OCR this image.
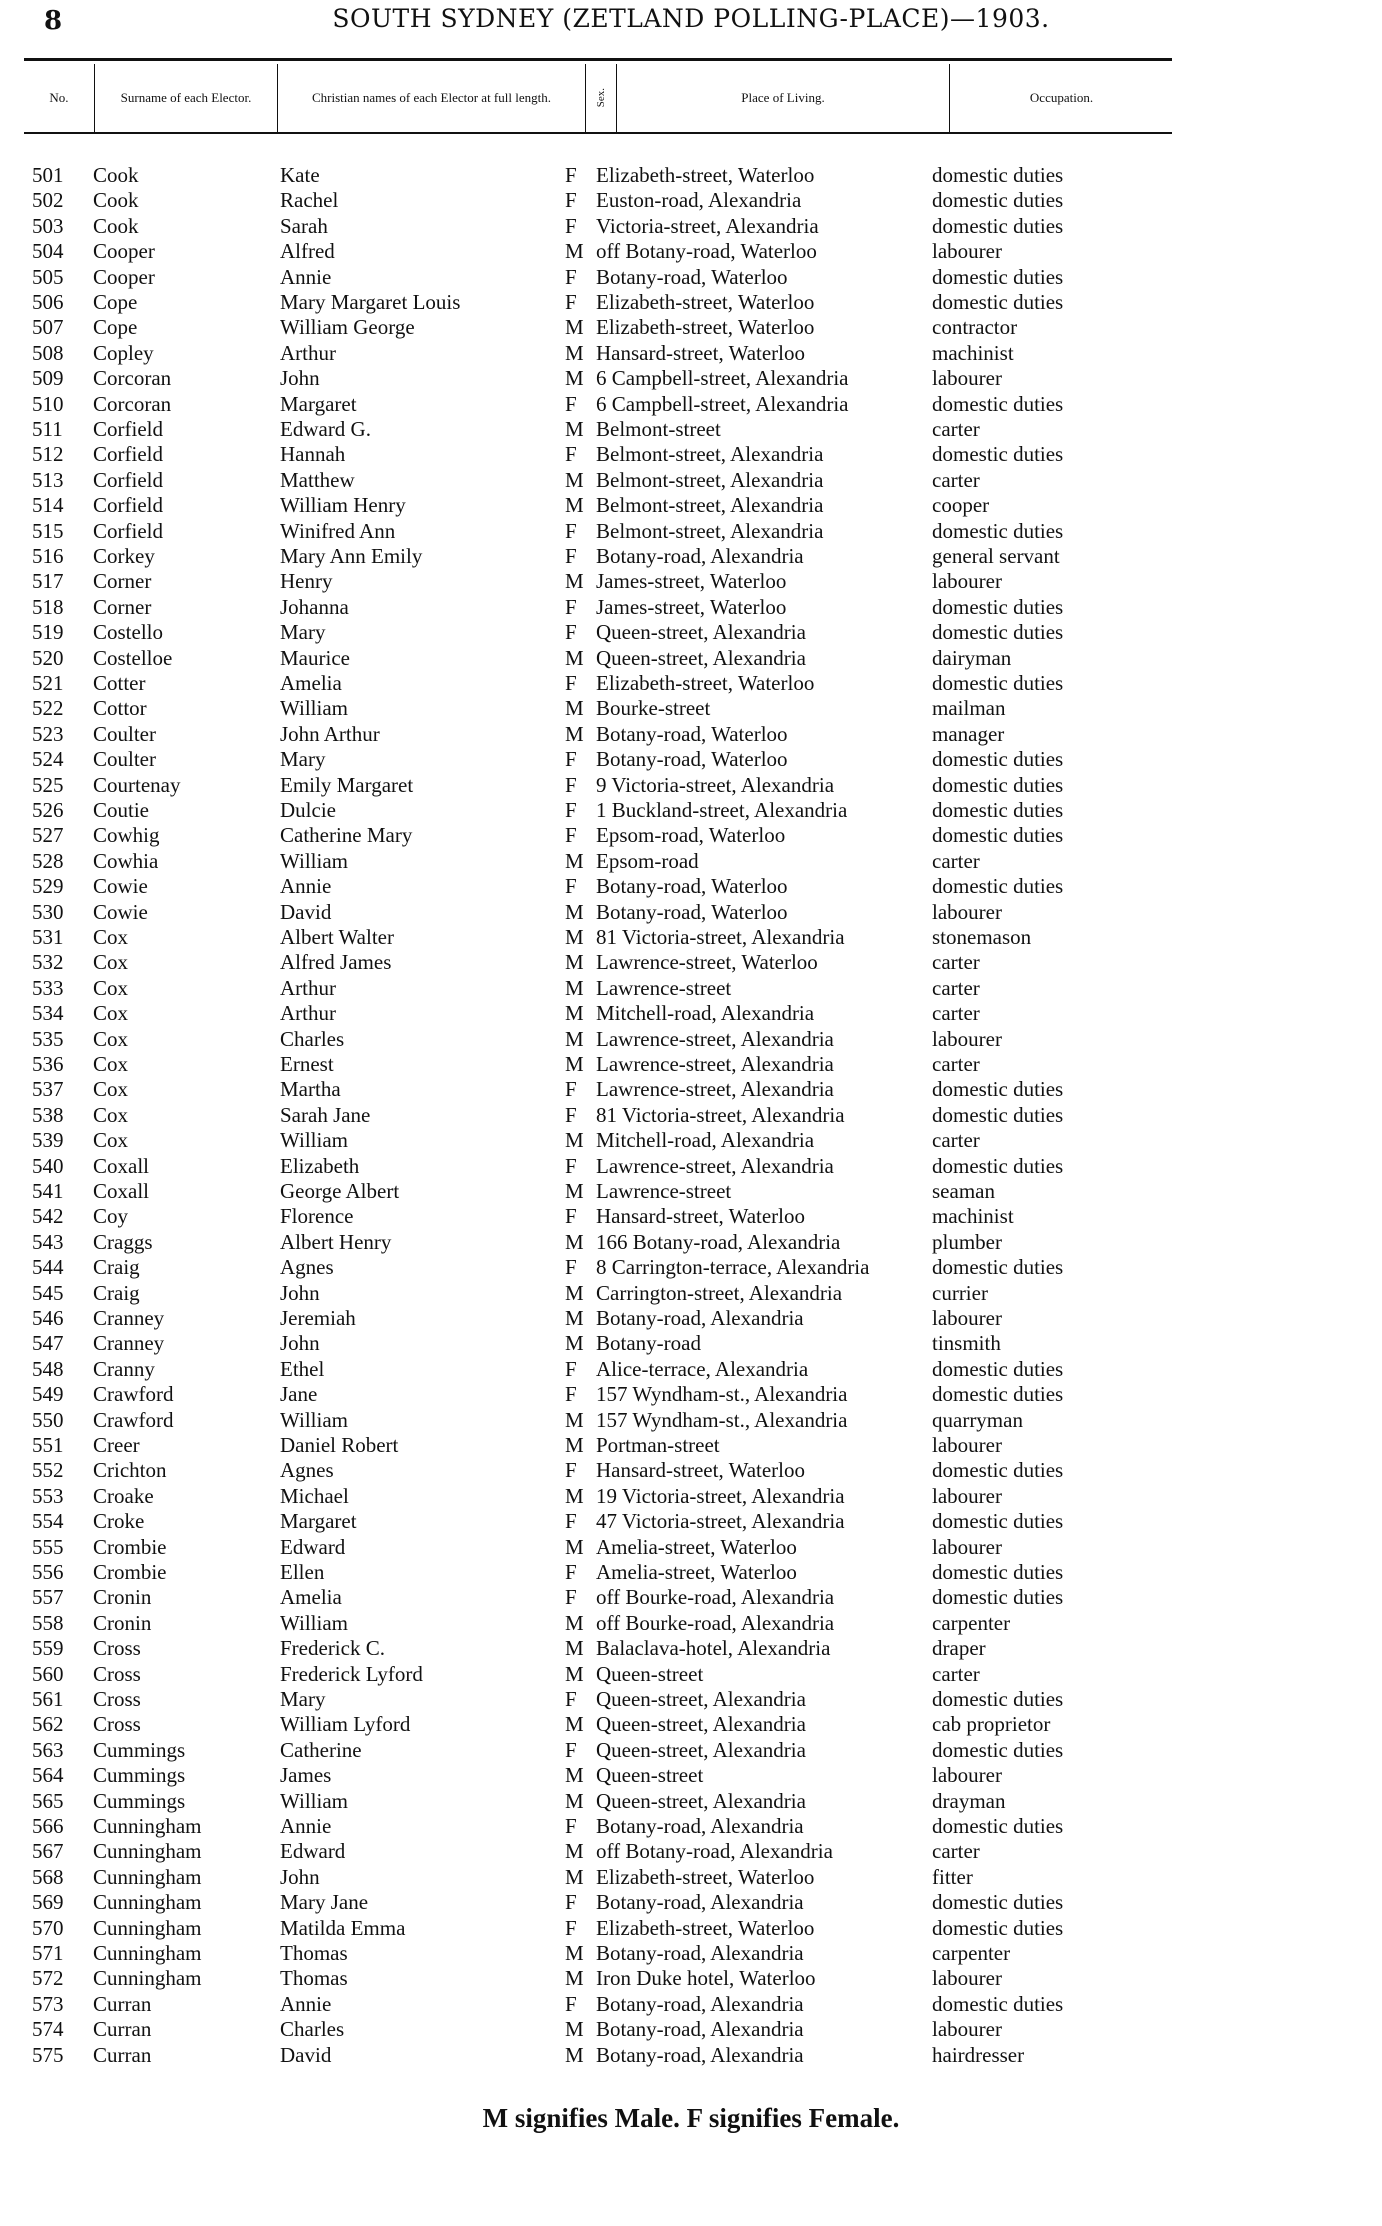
8	SOUTH SYDNEY (ZETLAND POLLING-PLACE)—1903.
No.	Surname of each Elector.	Christian names of each Elector at full length.	Sex.	Place of Living.	Occupation.
501 Cook	Kate	F Elizabeth-street, Waterloo	domestic duties
502 Cook	Rachel	F Euston-road, Alexandria	domestic duties
503 Cook	Sarah	F Victoria-street, Alexandria	domestic duties
504 Cooper	Alfred	M off Botany-road, Waterloo	labourer
505 Cooper	Annie	F Botany-road, Waterloo	domestic duties
506 Cope	Mary Margaret Louis	F Elizabeth-street, Waterloo	domestic duties
507 Cope	William George	M Elizabeth-street, Waterloo	contractor
508 Copley	Arthur	M Hansard-street, Waterloo	machinist
509 Corcoran	John	M 6 Campbell-street, Alexandria	labourer
510 Corcoran	Margaret	F 6 Campbell-street, Alexandria	domestic duties
511 Corfield	Edward G.	M Belmont-street	carter
512 Corfield	Hannah	F Belmont-street, Alexandria	domestic duties
513 Corfield	Matthew	M Belmont-street, Alexandria	carter
514 Corfield	William Henry	M Belmont-street, Alexandria	cooper
515 Corfield	Winifred Ann	F Belmont-street, Alexandria	domestic duties
516 Corkey	Mary Ann Emily	F Botany-road, Alexandria	general servant
517 Corner	Henry	M James-street, Waterloo	labourer
518 Corner	Johanna	F James-street, Waterloo	domestic duties
519 Costello	Mary	F Queen-street, Alexandria	domestic duties
520 Costelloe	Maurice	M Queen-street, Alexandria	dairyman
521 Cotter	Amelia	F Elizabeth-street, Waterloo	domestic duties
522 Cottor	William	M Bourke-street	mailman
523 Coulter	John Arthur	M Botany-road, Waterloo	manager
524 Coulter	Mary	F Botany-road, Waterloo	domestic duties
525 Courtenay	Emily Margaret	F 9 Victoria-street, Alexandria	domestic duties
526 Coutie	Dulcie	F 1 Buckland-street, Alexandria	domestic duties
527 Cowhig	Catherine Mary	F Epsom-road, Waterloo	domestic duties
528 Cowhia	William	M Epsom-road	carter
529 Cowie	Annie	F Botany-road, Waterloo	domestic duties
530 Cowie	David	M Botany-road, Waterloo	labourer
531 Cox	Albert Walter	M 81 Victoria-street, Alexandria	stonemason
532 Cox	Alfred James	M Lawrence-street, Waterloo	carter
533 Cox	Arthur	M Lawrence-street	carter
534 Cox	Arthur	M Mitchell-road, Alexandria	carter
535 Cox	Charles	M Lawrence-street, Alexandria	labourer
536 Cox	Ernest	M Lawrence-street, Alexandria	carter
537 Cox	Martha	F Lawrence-street, Alexandria	domestic duties
538 Cox	Sarah Jane	F 81 Victoria-street, Alexandria	domestic duties
539 Cox	William	M Mitchell-road, Alexandria	carter
540 Coxall	Elizabeth	F Lawrence-street, Alexandria	domestic duties
541 Coxall	George Albert	M Lawrence-street	seaman
542 Coy	Florence	F Hansard-street, Waterloo	machinist
543 Craggs	Albert Henry	M 166 Botany-road, Alexandria	plumber
544 Craig	Agnes	F 8 Carrington-terrace, Alexandria	domestic duties
545 Craig	John	M Carrington-street, Alexandria	currier
546 Cranney	Jeremiah	M Botany-road, Alexandria	labourer
547 Cranney	John	M Botany-road	tinsmith
548 Cranny	Ethel	F Alice-terrace, Alexandria	domestic duties
549 Crawford	Jane	F 157 Wyndham-st., Alexandria	domestic duties
550 Crawford	William	M 157 Wyndham-st., Alexandria	quarryman
551 Creer	Daniel Robert	M Portman-street	labourer
552 Crichton	Agnes	F Hansard-street, Waterloo	domestic duties
553 Croake	Michael	M 19 Victoria-street, Alexandria	labourer
554 Croke	Margaret	F 47 Victoria-street, Alexandria	domestic duties
555 Crombie	Edward	M Amelia-street, Waterloo	labourer
556 Crombie	Ellen	F Amelia-street, Waterloo	domestic duties
557 Cronin	Amelia	F off Bourke-road, Alexandria	domestic duties
558 Cronin	William	M off Bourke-road, Alexandria	carpenter
559 Cross	Frederick C.	M Balaclava-hotel, Alexandria	draper
560 Cross	Frederick Lyford	M Queen-street	carter
561 Cross	Mary	F Queen-street, Alexandria	domestic duties
562 Cross	William Lyford	M Queen-street, Alexandria	cab proprietor
563 Cummings	Catherine	F Queen-street, Alexandria	domestic duties
564 Cummings	James	M Queen-street	labourer
565 Cummings	William	M Queen-street, Alexandria	drayman
566 Cunningham	Annie	F Botany-road, Alexandria	domestic duties
567 Cunningham	Edward	M off Botany-road, Alexandria	carter
568 Cunningham	John	M Elizabeth-street, Waterloo	fitter
569 Cunningham	Mary Jane	F Botany-road, Alexandria	domestic duties
570 Cunningham	Matilda Emma	F Elizabeth-street, Waterloo	domestic duties
571 Cunningham	Thomas	M Botany-road, Alexandria	carpenter
572 Cunningham	Thomas	M Iron Duke hotel, Waterloo	labourer
573 Curran	Annie	F Botany-road, Alexandria	domestic duties
574 Curran	Charles	M Botany-road, Alexandria	labourer
575 Curran	David	M Botany-road, Alexandria	hairdresser
M signifies Male. F signifies Female.
